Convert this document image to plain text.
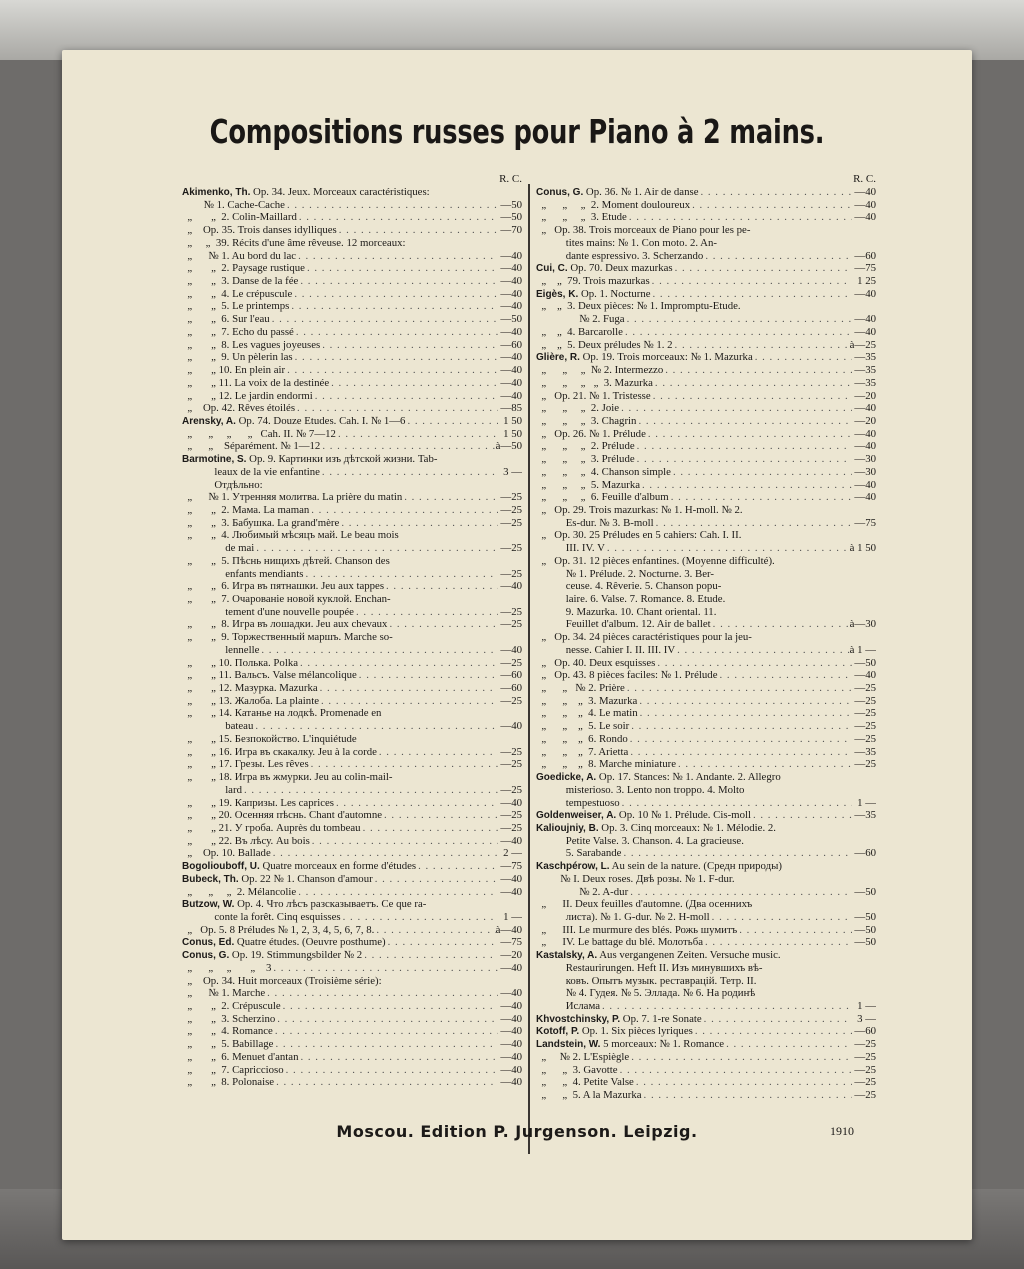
Compositions russes pour Piano à 2 mains.
R. C.
Akimenko, Th. Op. 34. Jeux. Morceaux caractéristiques:
№ 1. Cache-Cache . . .	—50
„       „  2. Colin-Maillard . . .	—50
„    Op. 35. Trois danses idylliques . . .	—70
„     „  39. Récits d'une âme rêveuse. 12 morceaux:
„      № 1. Au bord du lac . . .	—40
„       „  2. Paysage rustique . . .	—40
„       „  3. Danse de la fée . . .	—40
„       „  4. Le crépuscule . . .	—40
„       „  5. Le printemps . . .	—40
„       „  6. Sur l'eau . . .	—50
„       „  7. Echo du passé . . .	—40
„       „  8. Les vagues joyeuses . . .	—60
„       „  9. Un pèlerin las . . .	—40
„       „ 10. En plein air . . .	—40
„       „ 11. La voix de la destinée . . .	—40
„       „ 12. Le jardin endormi . . .	—40
„    Op. 42. Rêves étoilés . . .	—85
Arensky, A. Op. 74. Douze Etudes. Cah. I. № 1—6 . . .	1 50
„      „     „      „   Cah. II. № 7—12 . . .	1 50
„      „    Séparément. № 1—12 . . .	à—50
Barmotine, S. Op. 9. Картинки изъ дѣтской жизни. Tab-
leaux de la vie enfantine . . .	3 —
Отдѣльно:
„      № 1. Утренняя молитва. La prière du matin . . .	—25
„       „  2. Мама. La maman . . .	—25
„       „  3. Бабушка. La grand'mère . . .	—25
„       „  4. Любимый мѣсяцъ май. Le beau mois
de mai . . .	—25
„       „  5. Пѣснь нищихъ дѣтей. Chanson des
enfants mendiants . . .	—25
„       „  6. Игра въ пятнашки. Jeu aux tappes . . .	—40
„       „  7. Очарованіе новой куклой. Enchan-
tement d'une nouvelle poupée . . .	—25
„       „  8. Игра въ лошадки. Jeu aux chevaux . . .	—25
„       „  9. Торжественный маршъ. Marche so-
lennelle . . .	—40
„       „ 10. Полька. Polka . . .	—25
„       „ 11. Вальсъ. Valse mélancolique . . .	—60
„       „ 12. Мазурка. Mazurka . . .	—60
„       „ 13. Жалоба. La plainte . . .	—25
„       „ 14. Катанье на лодкѣ. Promenade en
bateau . . .	—40
„       „ 15. Безпокойство. L'inquiétude
„       „ 16. Игра въ скакалку. Jeu à la corde . . .	—25
„       „ 17. Грезы. Les rêves . . .	—25
„       „ 18. Игра въ жмурки. Jeu au colin-mail-
lard . . .	—25
„       „ 19. Капризы. Les caprices . . .	—40
„       „ 20. Осенняя пѣснь. Chant d'automne . . .	—25
„       „ 21. У гроба. Auprès du tombeau . . .	—25
„       „ 22. Въ лѣсу. Au bois . . .	—40
„    Op. 10. Ballade . . .	2 —
Bogolioubоff, U. Quatre morceaux en forme d'études . . .	—75
Bubeck, Th. Op. 22 № 1. Chanson d'amour . . .	—40
„      „     „  2. Mélancolie . . .	—40
Butzow, W. Op. 4. Что лѣсъ разсказываетъ. Ce que ra-
conte la forêt. Cinq esquisses . . .	1 —
„   Op. 5. 8 Préludes № 1, 2, 3, 4, 5, 6, 7, 8. . . .	à—40
Conus, Ed. Quatre études. (Oeuvre posthume) . . .	—75
Conus, G. Op. 19. Stimmungsbilder № 2 . . .	—20
„      „     „       „    3 . . .	—40
„    Op. 34. Huit morceaux (Troisième série):
„      № 1. Marche . . .	—40
„       „  2. Crépuscule . . .	—40
„       „  3. Scherzino . . .	—40
„       „  4. Romance . . .	—40
„       „  5. Babillage . . .	—40
„       „  6. Menuet d'antan . . .	—40
„       „  7. Capriccioso . . .	—40
„       „  8. Polonaise . . .	—40
R. C.
Conus, G. Op. 36. № 1. Air de danse . . .	—40
„      „     „  2. Moment douloureux . . .	—40
„      „     „  3. Etude . . .	—40
„   Op. 38. Trois morceaux de Piano pour les pe-
tites mains: № 1. Con moto. 2. An-
dante espressivo. 3. Scherzando . . .	—60
Cui, C. Op. 70. Deux mazurkas . . .	—75
„    „  79. Trois mazurkas . . .	1 25
Eigès, K. Op. 1. Nocturne . . .	—40
„    „  3. Deux pièces: № 1. Impromptu-Etude.
№ 2. Fuga . . .	—40
„    „  4. Barcarolle . . .	—40
„    „  5. Deux préludes № 1. 2 . . .	à—25
Glière, R. Op. 19. Trois morceaux: № 1. Mazurka . . .	—35
„      „     „  № 2. Intermezzo . . .	—35
„      „     „   „  3. Mazurka . . .	—35
„   Op. 21. № 1. Tristesse . . .	—20
„      „     „  2. Joie . . .	—40
„      „     „  3. Chagrin . . .	—20
„   Op. 26. № 1. Prélude . . .	—40
„      „     „  2. Prélude . . .	—40
„      „     „  3. Prélude . . .	—30
„      „     „  4. Chanson simple . . .	—30
„      „     „  5. Mazurka . . .	—40
„      „     „  6. Feuille d'album . . .	—40
„   Op. 29. Trois mazurkas: № 1. H-moll. № 2.
Es-dur. № 3. B-moll . . .	—75
„   Op. 30. 25 Préludes en 5 cahiers: Cah. I. II.
III. IV. V . . .	à 1 50
„   Op. 31. 12 pièces enfantines. (Moyenne difficulté).
№ 1. Prélude. 2. Nocturne. 3. Ber-
ceuse. 4. Rêverie. 5. Chanson popu-
laire. 6. Valse. 7. Romance. 8. Etude.
9. Mazurka. 10. Chant oriental. 11.
Feuillet d'album. 12. Air de ballet . . .	à—30
„   Op. 34. 24 pièces caractéristiques pour la jeu-
nesse. Cahier I. II. III. IV . . .	à 1 —
„   Op. 40. Deux esquisses . . .	—50
„   Op. 43. 8 pièces faciles: № 1. Prélude . . .	—40
„      „   № 2. Prière . . .	—25
„      „    „  3. Mazurka . . .	—25
„      „    „  4. Le matin . . .	—25
„      „    „  5. Le soir . . .	—25
„      „    „  6. Rondo . . .	—25
„      „    „  7. Arietta . . .	—35
„      „    „  8. Marche miniature . . .	—25
Goedicke, A. Op. 17. Stances: № 1. Andante. 2. Allegro
misterioso. 3. Lento non troppo. 4. Molto
tempestuoso . . .	1 —
Goldenweiser, A. Op. 10 № 1. Prélude. Cis-moll . . .	—35
Kalioujniy, B. Op. 3. Cinq morceaux: № 1. Mélodie. 2.
Petite Valse. 3. Chanson. 4. La gracieuse.
5. Sarabande . . .	—60
Kaschpérow, L. Au sein de la nature. (Средн природы)
№ I. Deux roses. Двѣ розы. № 1. F-dur.
№ 2. A-dur . . .	—50
„      II. Deux feuilles d'automne. (Два осеннихъ
листа). № 1. G-dur. № 2. H-moll . . .	—50
„      III. Le murmure des blés. Рожь шумитъ . . .	—50
„      IV. Le battage du blé. Молотьба . . .	—50
Kastalsky, A. Aus vergangenen Zeiten. Versuche music.
Restaurirungen. Heft II. Изъ минувшихъ вѣ-
ковъ. Опытъ музык. реставрацiй. Тетр. II.
№ 4. Гудея. № 5. Эллада. № 6. На родинѣ
Ислама . . .	1 —
Khvostchinsky, P. Op. 7. 1-re Sonate . . .	3 —
Kotoff, P. Op. 1. Six pièces lyriques . . .	—60
Landstein, W. 5 morceaux: № 1. Romance . . .	—25
„     № 2. L'Espiègle . . .	—25
„      „  3. Gavotte . . .	—25
„      „  4. Petite Valse . . .	—25
„      „  5. A la Mazurka . . .	—25
Moscou. Edition P. Jurgenson. Leipzig.	1910
